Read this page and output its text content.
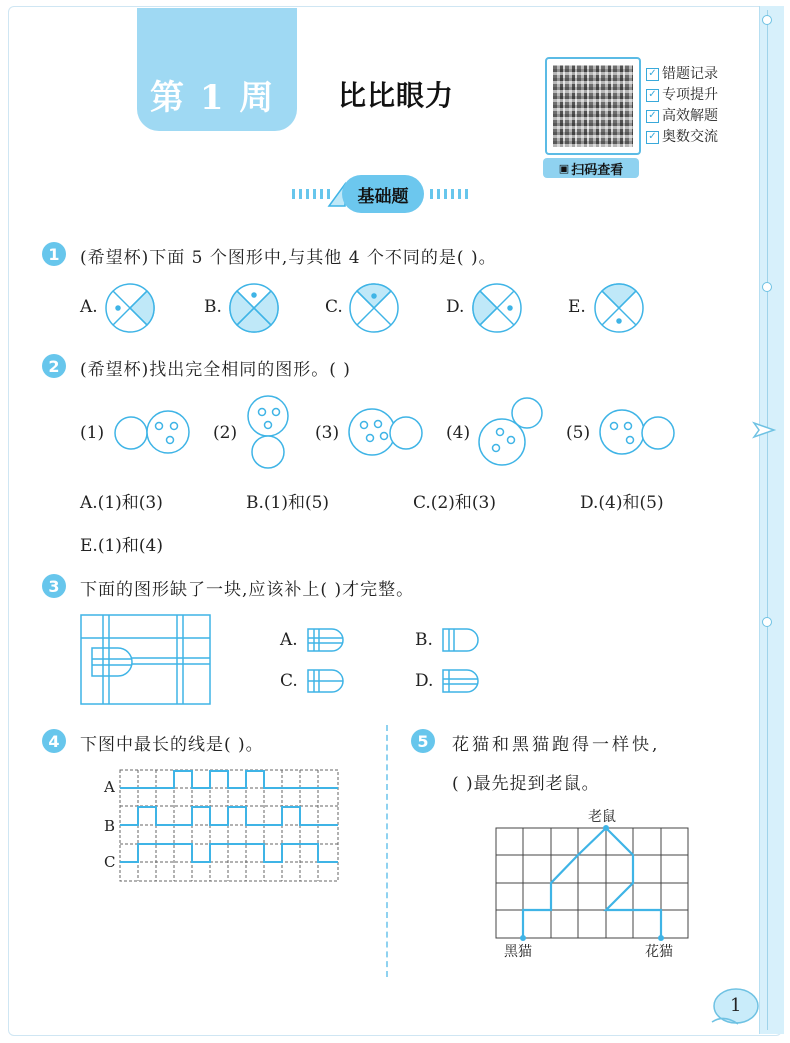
第 1 周 比比眼力
▣ 扫码查看
✓ 错题记录
✓ 专项提升
✓ 高效解题
✓ 奥数交流
基础题
1	(希望杯)下面 5 个图形中,与其他 4 个不同的是( )。
A.	B.	C.	D.	E.
2	(希望杯)找出完全相同的图形。( )
(1)	(2)	(3)	(4)	(5)
A.(1)和(3)	B.(1)和(5)	C.(2)和(3)	D.(4)和(5)
E.(1)和(4)
3	下面的图形缺了一块,应该补上( )才完整。
A.	B.
C.	D.
4	下图中最长的线是( )。
A
B
C
5	花猫和黑猫跑得一样快,
( )最先捉到老鼠。
老鼠
黑猫	花猫
1
